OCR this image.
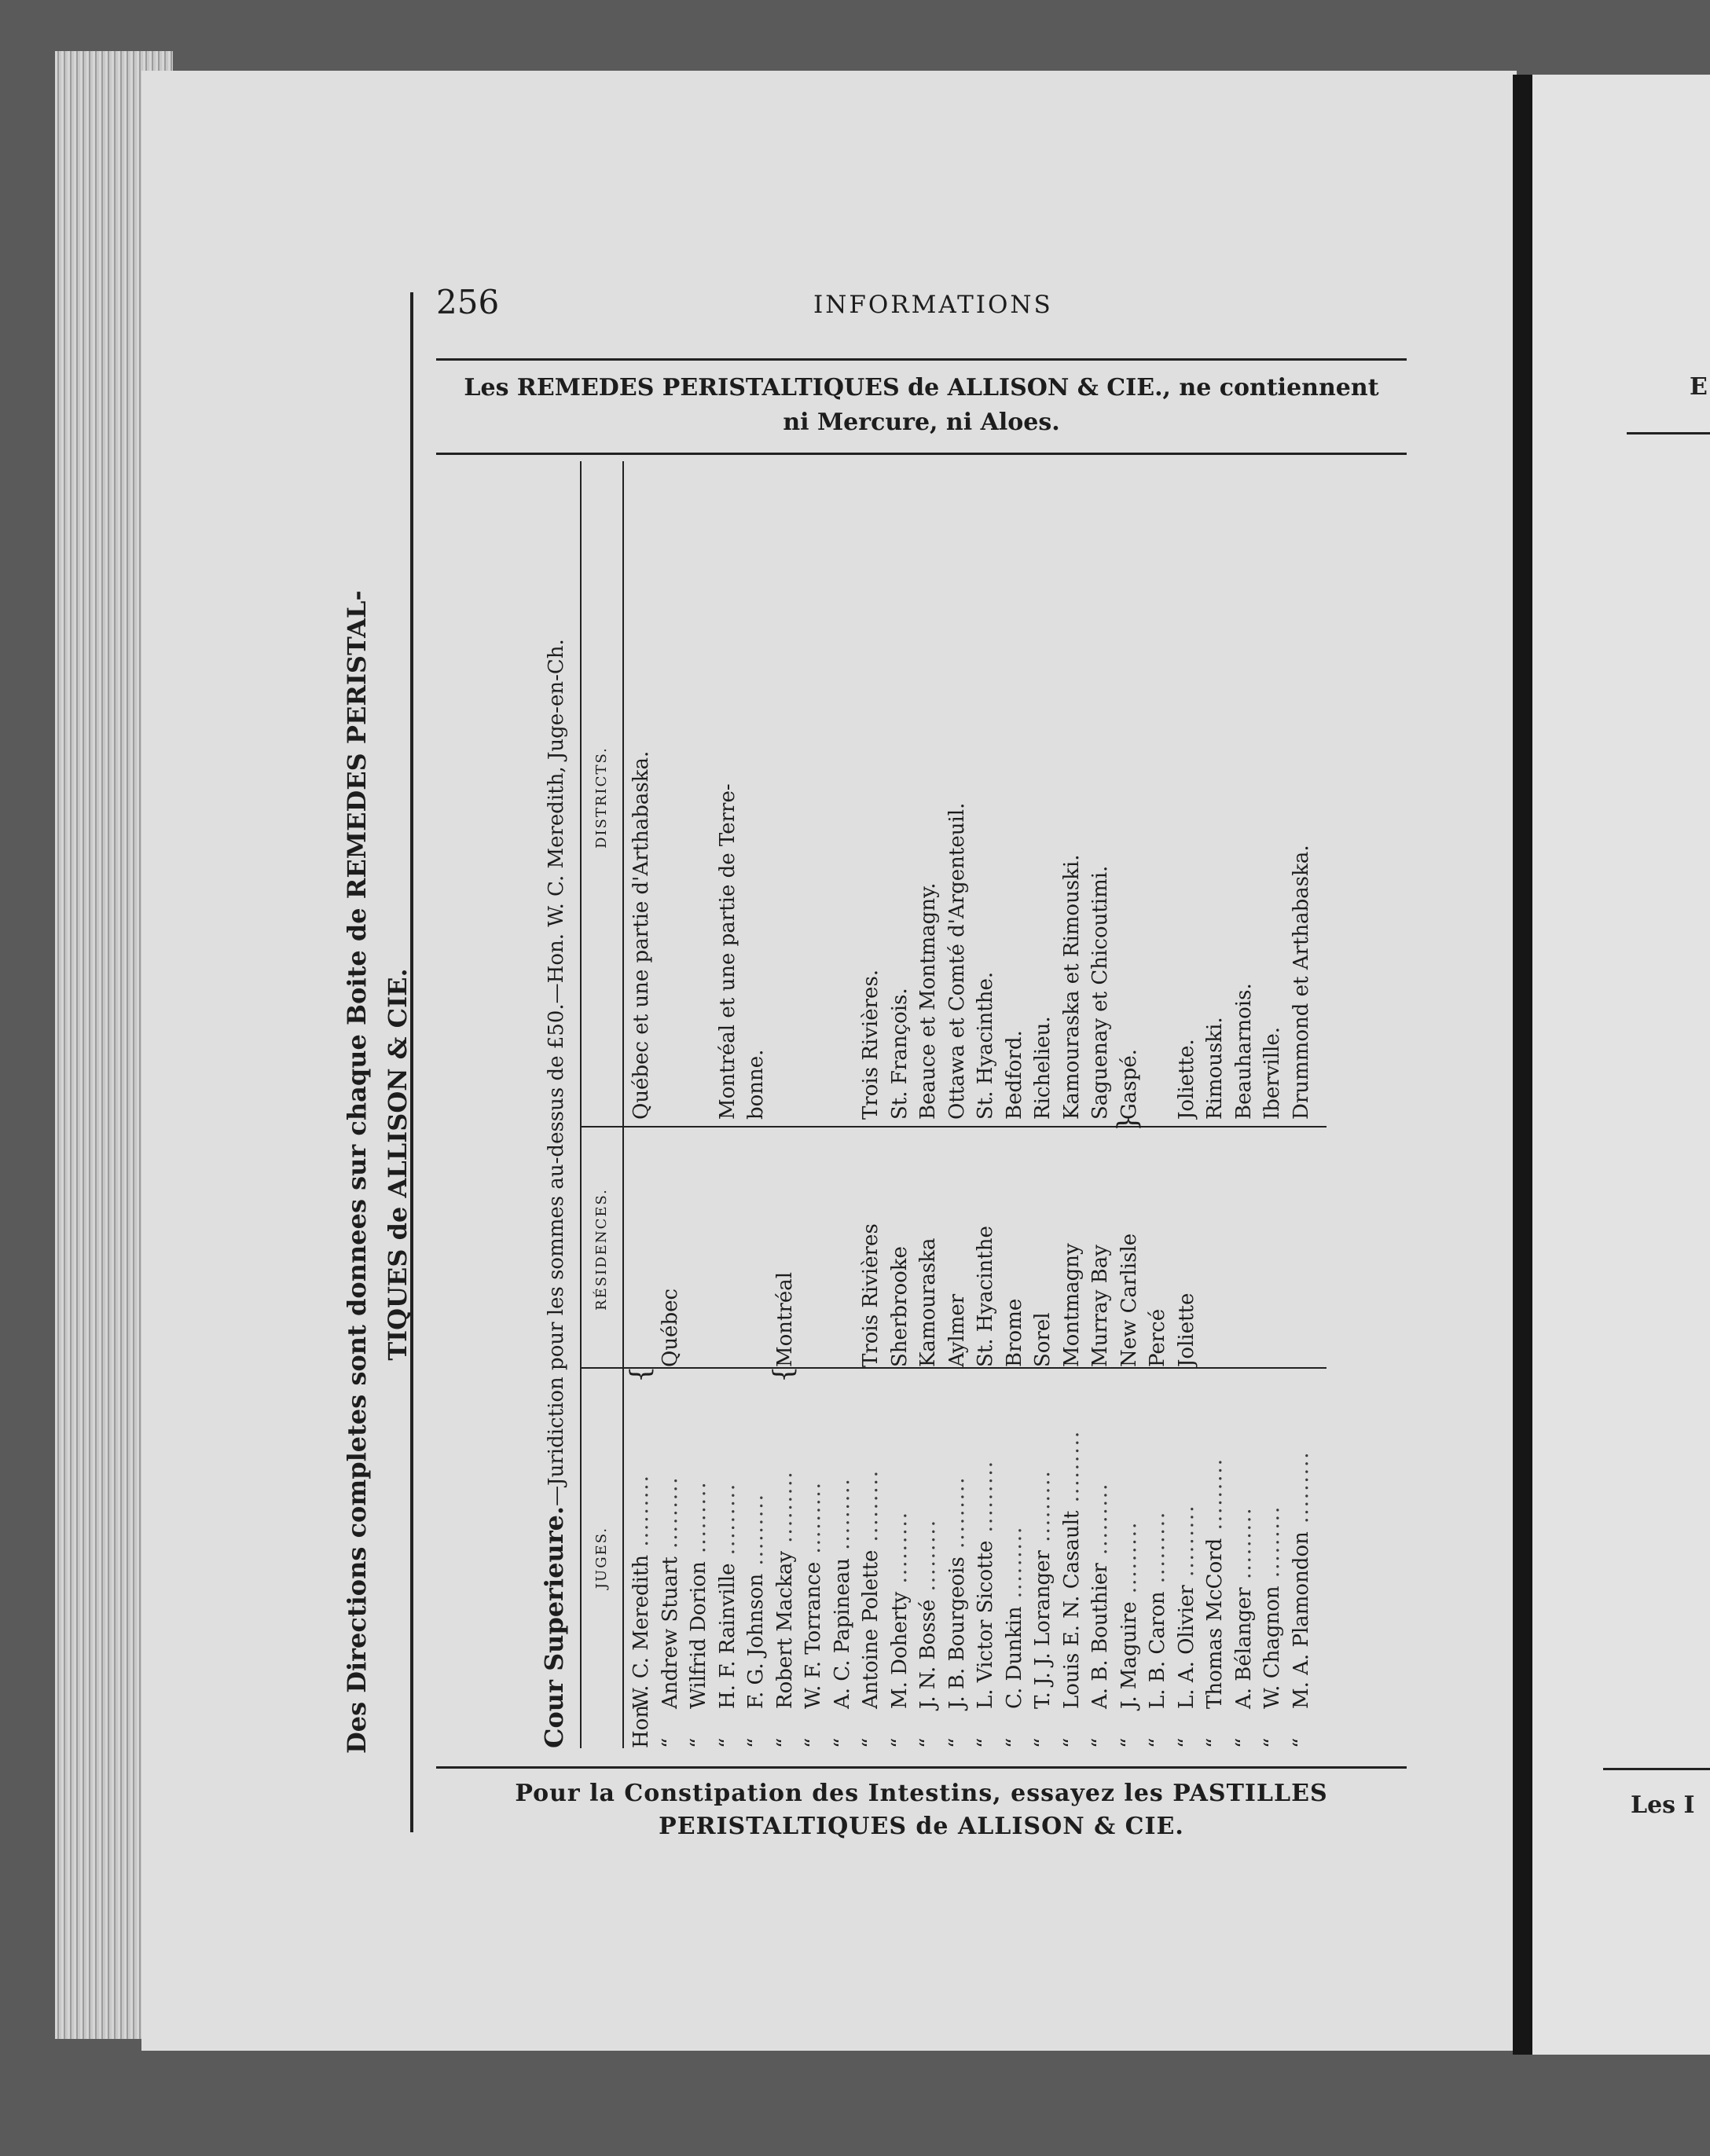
E
Les I
256	INFORMATIONS
Les REMEDES PERISTALTIQUES de ALLISON & CIE., ne contiennent
ni Mercure, ni Aloes.
Des Directions completes sont donnees sur chaque Boite de REMEDES PERISTAL- TIQUES de ALLISON & CIE.
Cour Superieure.—Juridiction pour les sommes au-dessus de £50.—Hon. W. C. Meredith, Juge-en-Ch.
JUGES.
RÉSIDENCES.
DISTRICTS.
Hon.W. C. Meredith .........
Québec et une partie d'Arthabaska.
“Andrew Stuart .........
Québec
“Wilfrid Dorion .........
“H. F. Rainville .........
Montréal et une partie de Terre-
“F. G. Johnson .........
bonne.
“Robert Mackay .........
Montréal
“W. F. Torrance .........
“A. C. Papineau .........
“Antoine Polette .........
Trois Rivières
Trois Rivières.
“M. Doherty .........
Sherbrooke
St. François.
“J. N. Bossé .........
Kamouraska
Beauce et Montmagny.
“J. B. Bourgeois .........
Aylmer
Ottawa et Comté d'Argenteuil.
“L. Victor Sicotte .........
St. Hyacinthe
St. Hyacinthe.
“C. Dunkin .........
Brome
Bedford.
“T. J. J. Loranger .........
Sorel
Richelieu.
“Louis E. N. Casault .........
Montmagny
Kamouraska et Rimouski.
“A. B. Bouthier .........
Murray Bay
Saguenay et Chicoutimi.
“J. Maguire .........
New Carlisle
Gaspé.
“L. B. Caron .........
Percé
“L. A. Olivier .........
Joliette
Joliette.
“Thomas McCord .........
Rimouski.
“A. Bélanger .........
Beauharnois.
“W. Chagnon .........
Iberville.
“M. A. Plamondon .........
Drummond et Arthabaska.
{	{
}
Pour la Constipation des Intestins, essayez les PASTILLES
PERISTALTIQUES de ALLISON & CIE.
